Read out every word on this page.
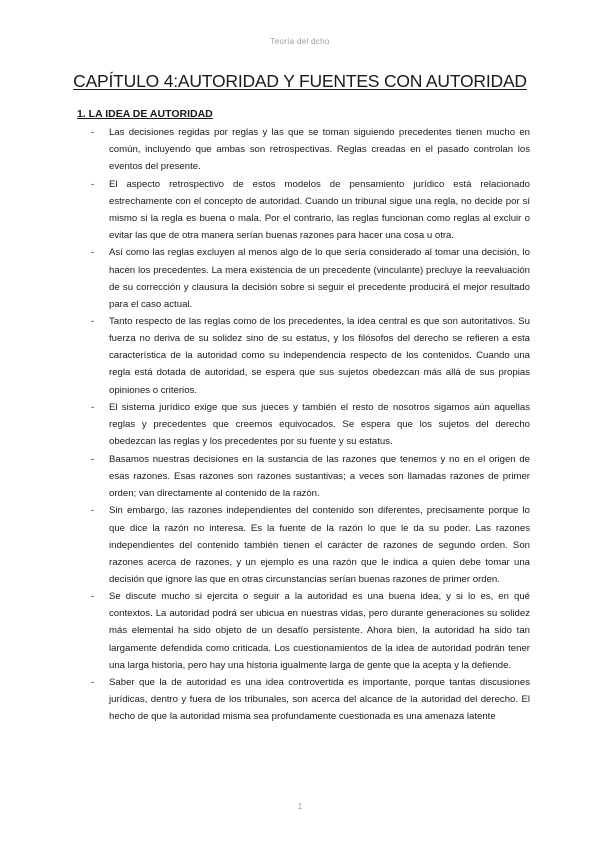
Teoría del dcho
CAPÍTULO 4:AUTORIDAD Y FUENTES CON AUTORIDAD
1. LA IDEA DE AUTORIDAD
- Las decisiones regidas por reglas y las que se toman siguiendo precedentes tienen mucho en común, incluyendo que ambas son retrospectivas. Reglas creadas en el pasado controlan los eventos del presente.
- El aspecto retrospectivo de estos modelos de pensamiento jurídico está relacionado estrechamente con el concepto de autoridad. Cuando un tribunal sigue una regla, no decide por sí mismo si la regla es buena o mala. Por el contrario, las reglas funcionan como reglas al excluir o evitar las que de otra manera serían buenas razones para hacer una cosa u otra.
- Así como las reglas excluyen al menos algo de lo que sería considerado al tomar una decisión, lo hacen los precedentes. La mera existencia de un precedente (vinculante) precluye la reevaluación de su corrección y clausura la decisión sobre si seguir el precedente producirá el mejor resultado para el caso actual.
- Tanto respecto de las reglas como de los precedentes, la idea central es que son autoritativos. Su fuerza no deriva de su solidez sino de su estatus, y los filósofos del derecho se refieren a esta característica de la autoridad como su independencia respecto de los contenidos. Cuando una regla está dotada de autoridad, se espera que sus sujetos obedezcan más allá de sus propias opiniones o criterios.
- El sistema jurídico exige que sus jueces y también el resto de nosotros sigamos aún aquellas reglas y precedentes que creemos equivocados. Se espera que los sujetos del derecho obedezcan las reglas y los precedentes por su fuente y su estatus.
- Basamos nuestras decisiones en la sustancia de las razones que tenemos y no en el origen de esas razones. Esas razones son razones sustantivas; a veces son llamadas razones de primer orden; van directamente al contenido de la razón.
- Sin embargo, las razones independientes del contenido son diferentes, precisamente porque lo que dice la razón no interesa. Es la fuente de la razón lo que le da su poder. Las razones independientes del contenido también tienen el carácter de razones de segundo orden. Son razones acerca de razones, y un ejemplo es una razón que le indica a quien debe tomar una decisión que ignore las que en otras circunstancias serían buenas razones de primer orden.
- Se discute mucho si ejercita o seguir a la autoridad es una buena idea, y si lo es, en qué contextos. La autoridad podrá ser ubicua en nuestras vidas, pero durante generaciones su solidez más elemental ha sido objeto de un desafío persistente. Ahora bien, la autoridad ha sido tan largamente defendida como criticada. Los cuestionamientos de la idea de autoridad podrán tener una larga historia, pero hay una historia igualmente larga de gente que la acepta y la defiende.
- Saber que la de autoridad es una idea controvertida es importante, porque tantas discusiones jurídicas, dentro y fuera de los tribunales, son acerca del alcance de la autoridad del derecho. El hecho de que la autoridad misma sea profundamente cuestionada es una amenaza latente
1
